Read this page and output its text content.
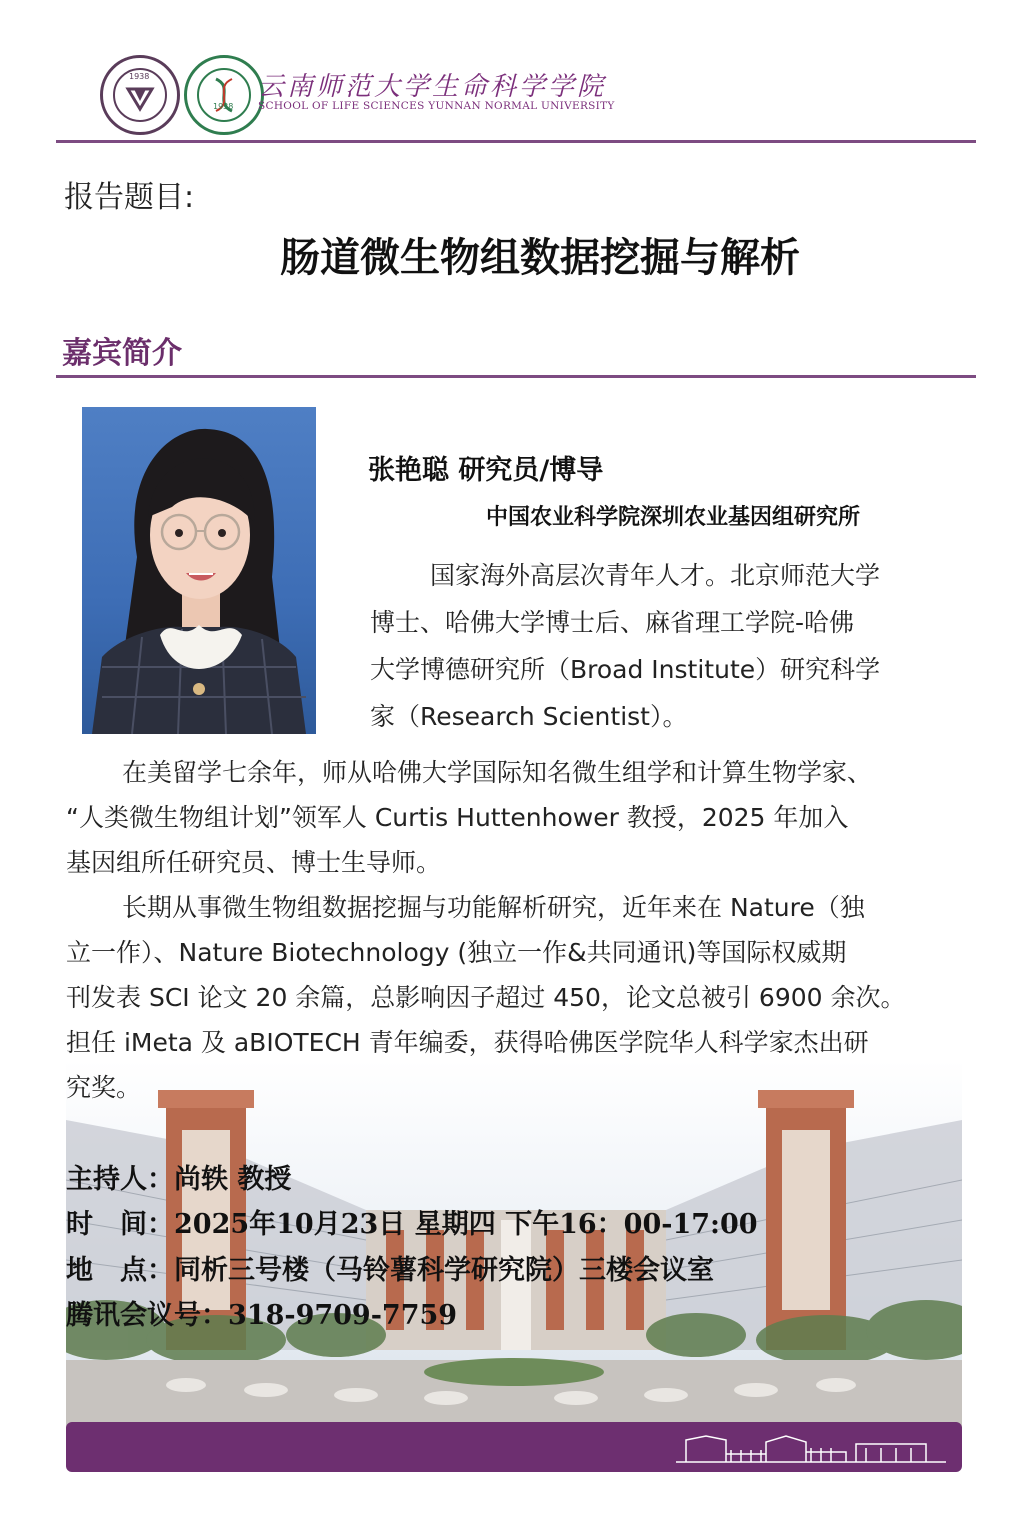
1938
1938
云南师范大学生命科学学院
SCHOOL OF LIFE SCIENCES YUNNAN NORMAL UNIVERSITY
报告题目:
肠道微生物组数据挖掘与解析
嘉宾简介
张艳聪 研究员/博导
中国农业科学院深圳农业基因组研究所
国家海外高层次青年人才。北京师范大学
博士、哈佛大学博士后、麻省理工学院-哈佛
大学博德研究所（Broad Institute）研究科学
家（Research Scientist）。
在美留学七余年，师从哈佛大学国际知名微生组学和计算生物学家、
“人类微生物组计划”领军人 Curtis Huttenhower 教授，2025 年加入
基因组所任研究员、博士生导师。
长期从事微生物组数据挖掘与功能解析研究，近年来在 Nature（独
立一作）、Nature Biotechnology (独立一作&共同通讯)等国际权威期
刊发表 SCI 论文 20 余篇，总影响因子超过 450，论文总被引 6900 余次。
担任 iMeta 及 aBIOTECH 青年编委，获得哈佛医学院华人科学家杰出研
究奖。
主持人：尚轶 教授
时　间：2025年10月23日 星期四 下午16：00-17:00
地　点：同析三号楼（马铃薯科学研究院）三楼会议室
腾讯会议号：318-9709-7759
